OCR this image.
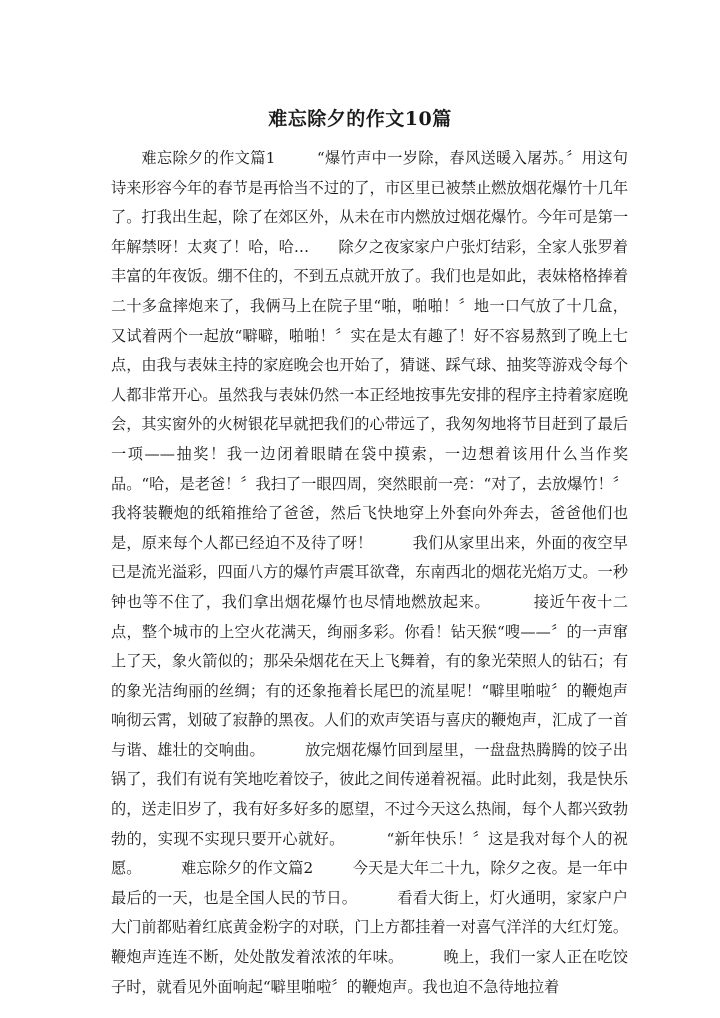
难忘除夕的作文10篇

难忘除夕的作文篇1        “爆竹声中一岁除，春风送暖入屠苏。〞用这句诗来形容今年的春节是再恰当不过的了，市区里已被禁止燃放烟花爆竹十几年了。打我出生起，除了在郊区外，从未在市内燃放过烟花爆竹。今年可是第一年解禁呀！太爽了！哈，哈…      除夕之夜家家户户张灯结彩，全家人张罗着丰富的年夜饭。绷不住的，不到五点就开放了。我们也是如此，表妹格格捧着二十多盒摔炮来了，我俩马上在院子里“啪，啪啪！〞地一口气放了十几盒，又试着两个一起放“噼噼，啪啪！〞实在是太有趣了！好不容易熬到了晚上七点，由我与表妹主持的家庭晚会也开始了，猜谜、踩气球、抽奖等游戏令每个人都非常开心。虽然我与表妹仍然一本正经地按事先安排的程序主持着家庭晚会，其实窗外的火树银花早就把我们的心带远了，我匆匆地将节目赶到了最后一项——抽奖！我一边闭着眼睛在袋中摸索，一边想着该用什么当作奖品。“哈，是老爸！〞我扫了一眼四周，突然眼前一亮：“对了，去放爆竹！〞我将装鞭炮的纸箱推给了爸爸，然后飞快地穿上外套向外奔去，爸爸他们也是，原来每个人都已经迫不及待了呀！        我们从家里出来，外面的夜空早已是流光溢彩，四面八方的爆竹声震耳欲聋，东南西北的烟花光焰万丈。一秒钟也等不住了，我们拿出烟花爆竹也尽情地燃放起来。        接近午夜十二点，整个城市的上空火花满天，绚丽多彩。你看！钻天猴“嗖——〞的一声窜上了天，象火箭似的；那朵朵烟花在天上飞舞着，有的象光荣照人的钻石；有的象光洁绚丽的丝绸；有的还象拖着长尾巴的流星呢！“噼里啪啦〞的鞭炮声响彻云霄，划破了寂静的黑夜。人们的欢声笑语与喜庆的鞭炮声，汇成了一首与谐、雄壮的交响曲。        放完烟花爆竹回到屋里，一盘盘热腾腾的饺子出锅了，我们有说有笑地吃着饺子，彼此之间传递着祝福。此时此刻，我是快乐的，送走旧岁了，我有好多好多的愿望，不过今天这么热闹，每个人都兴致勃勃的，实现不实现只要开心就好。        “新年快乐！〞这是我对每个人的祝愿。        难忘除夕的作文篇2        今天是大年二十九，除夕之夜。是一年中最后的一天，也是全国人民的节日。        看看大街上，灯火通明，家家户户大门前都贴着红底黄金粉字的对联，门上方都挂着一对喜气洋洋的大红灯笼。鞭炮声连连不断，处处散发着浓浓的年味。        晚上，我们一家人正在吃饺子时，就看见外面响起“噼里啪啦〞的鞭炮声。我也迫不急待地拉着
